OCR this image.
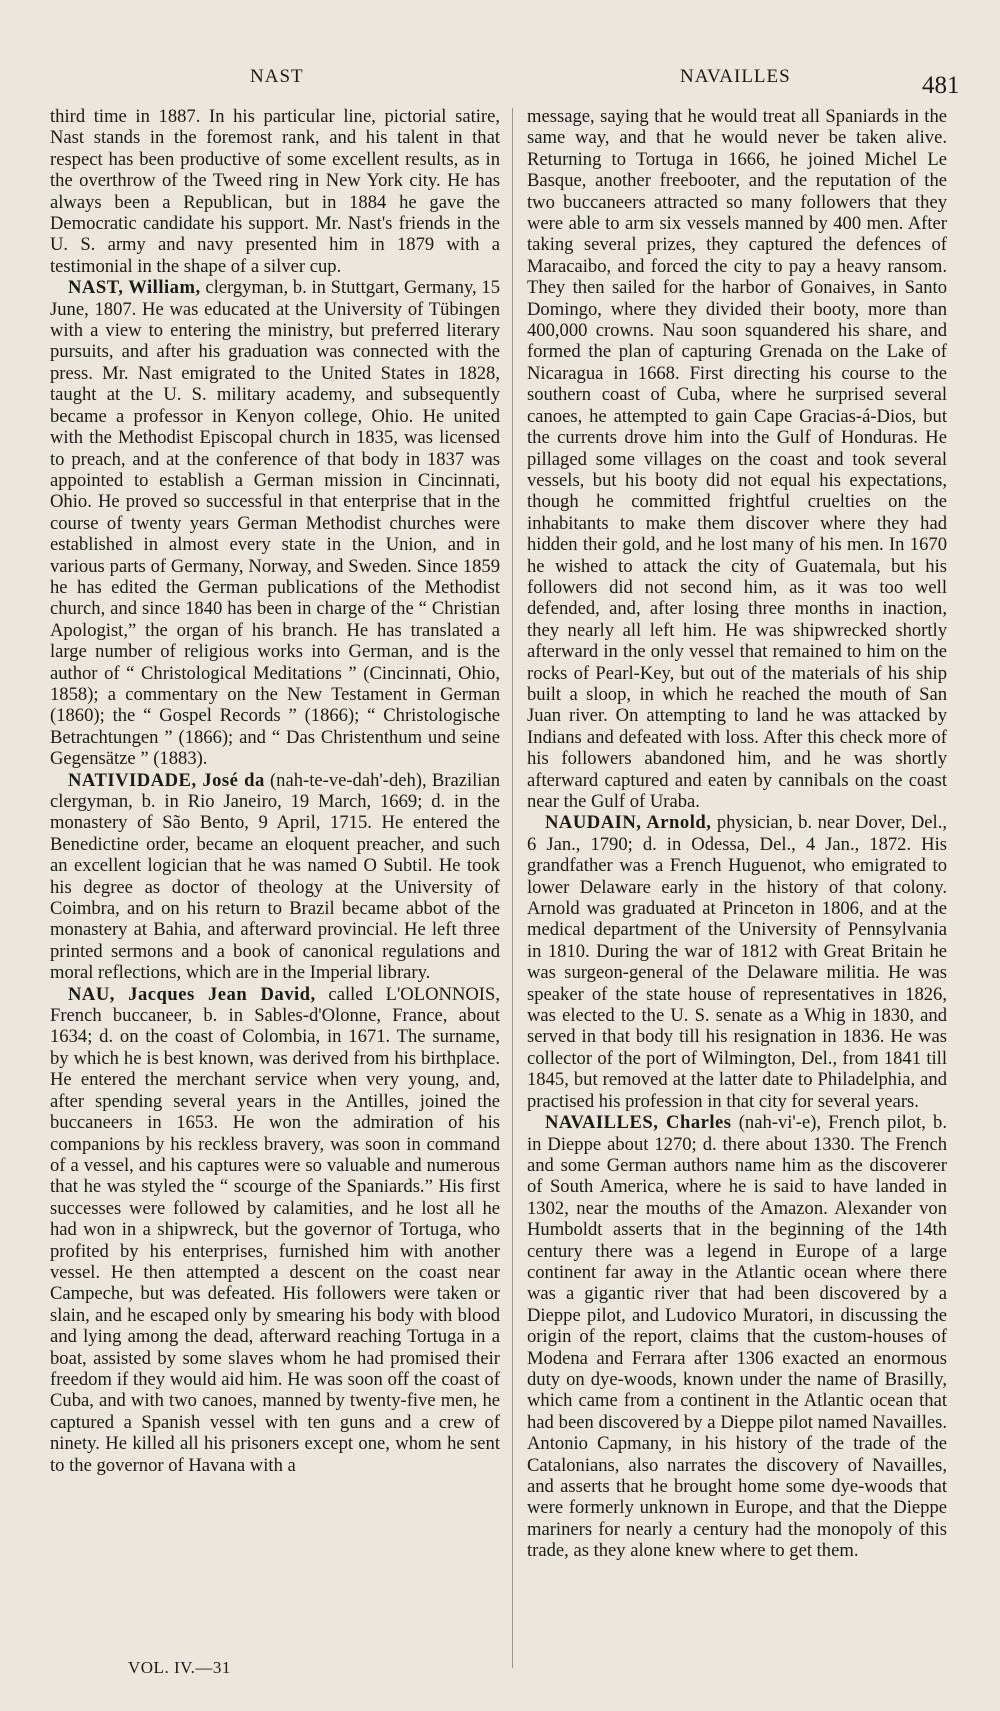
NAST	NAVAILLES	481

third time in 1887. In his particular line, pictorial satire, Nast stands in the foremost rank, and his talent in that respect has been productive of some excellent results, as in the overthrow of the Tweed ring in New York city. He has always been a Republican, but in 1884 he gave the Democratic candidate his support. Mr. Nast's friends in the U. S. army and navy presented him in 1879 with a testimonial in the shape of a silver cup.

NAST, William, clergyman, b. in Stuttgart, Germany, 15 June, 1807. He was educated at the University of Tübingen with a view to entering the ministry, but preferred literary pursuits, and after his graduation was connected with the press. Mr. Nast emigrated to the United States in 1828, taught at the U. S. military academy, and subsequently became a professor in Kenyon college, Ohio. He united with the Methodist Episcopal church in 1835, was licensed to preach, and at the conference of that body in 1837 was appointed to establish a German mission in Cincinnati, Ohio. He proved so successful in that enterprise that in the course of twenty years German Methodist churches were established in almost every state in the Union, and in various parts of Germany, Norway, and Sweden. Since 1859 he has edited the German publications of the Methodist church, and since 1840 has been in charge of the “ Christian Apologist,” the organ of his branch. He has translated a large number of religious works into German, and is the author of “ Christological Meditations ” (Cincinnati, Ohio, 1858); a commentary on the New Testament in German (1860); the “ Gospel Records ” (1866); “ Christologische Betrachtungen ” (1866); and “ Das Christenthum und seine Gegensätze ” (1883).

NATIVIDADE, José da (nah-te-ve-dah'-deh), Brazilian clergyman, b. in Rio Janeiro, 19 March, 1669; d. in the monastery of São Bento, 9 April, 1715. He entered the Benedictine order, became an eloquent preacher, and such an excellent logician that he was named O Subtil. He took his degree as doctor of theology at the University of Coimbra, and on his return to Brazil became abbot of the monastery at Bahia, and afterward provincial. He left three printed sermons and a book of canonical regulations and moral reflections, which are in the Imperial library.

NAU, Jacques Jean David, called L'OLONNOIS, French buccaneer, b. in Sables-d'Olonne, France, about 1634; d. on the coast of Colombia, in 1671. The surname, by which he is best known, was derived from his birthplace. He entered the merchant service when very young, and, after spending several years in the Antilles, joined the buccaneers in 1653. He won the admiration of his companions by his reckless bravery, was soon in command of a vessel, and his captures were so valuable and numerous that he was styled the “ scourge of the Spaniards.” His first successes were followed by calamities, and he lost all he had won in a shipwreck, but the governor of Tortuga, who profited by his enterprises, furnished him with another vessel. He then attempted a descent on the coast near Campeche, but was defeated. His followers were taken or slain, and he escaped only by smearing his body with blood and lying among the dead, afterward reaching Tortuga in a boat, assisted by some slaves whom he had promised their freedom if they would aid him. He was soon off the coast of Cuba, and with two canoes, manned by twenty-five men, he captured a Spanish vessel with ten guns and a crew of ninety. He killed all his prisoners except one, whom he sent to the governor of Havana with a

message, saying that he would treat all Spaniards in the same way, and that he would never be taken alive. Returning to Tortuga in 1666, he joined Michel Le Basque, another freebooter, and the reputation of the two buccaneers attracted so many followers that they were able to arm six vessels manned by 400 men. After taking several prizes, they captured the defences of Maracaibo, and forced the city to pay a heavy ransom. They then sailed for the harbor of Gonaives, in Santo Domingo, where they divided their booty, more than 400,000 crowns. Nau soon squandered his share, and formed the plan of capturing Grenada on the Lake of Nicaragua in 1668. First directing his course to the southern coast of Cuba, where he surprised several canoes, he attempted to gain Cape Gracias-á-Dios, but the currents drove him into the Gulf of Honduras. He pillaged some villages on the coast and took several vessels, but his booty did not equal his expectations, though he committed frightful cruelties on the inhabitants to make them discover where they had hidden their gold, and he lost many of his men. In 1670 he wished to attack the city of Guatemala, but his followers did not second him, as it was too well defended, and, after losing three months in inaction, they nearly all left him. He was shipwrecked shortly afterward in the only vessel that remained to him on the rocks of Pearl-Key, but out of the materials of his ship built a sloop, in which he reached the mouth of San Juan river. On attempting to land he was attacked by Indians and defeated with loss. After this check more of his followers abandoned him, and he was shortly afterward captured and eaten by cannibals on the coast near the Gulf of Uraba.

NAUDAIN, Arnold, physician, b. near Dover, Del., 6 Jan., 1790; d. in Odessa, Del., 4 Jan., 1872. His grandfather was a French Huguenot, who emigrated to lower Delaware early in the history of that colony. Arnold was graduated at Princeton in 1806, and at the medical department of the University of Pennsylvania in 1810. During the war of 1812 with Great Britain he was surgeon-general of the Delaware militia. He was speaker of the state house of representatives in 1826, was elected to the U. S. senate as a Whig in 1830, and served in that body till his resignation in 1836. He was collector of the port of Wilmington, Del., from 1841 till 1845, but removed at the latter date to Philadelphia, and practised his profession in that city for several years.

NAVAILLES, Charles (nah-vi'-e), French pilot, b. in Dieppe about 1270; d. there about 1330. The French and some German authors name him as the discoverer of South America, where he is said to have landed in 1302, near the mouths of the Amazon. Alexander von Humboldt asserts that in the beginning of the 14th century there was a legend in Europe of a large continent far away in the Atlantic ocean where there was a gigantic river that had been discovered by a Dieppe pilot, and Ludovico Muratori, in discussing the origin of the report, claims that the custom-houses of Modena and Ferrara after 1306 exacted an enormous duty on dye-woods, known under the name of Brasilly, which came from a continent in the Atlantic ocean that had been discovered by a Dieppe pilot named Navailles. Antonio Capmany, in his history of the trade of the Catalonians, also narrates the discovery of Navailles, and asserts that he brought home some dye-woods that were formerly unknown in Europe, and that the Dieppe mariners for nearly a century had the monopoly of this trade, as they alone knew where to get them.

VOL. IV.—31
